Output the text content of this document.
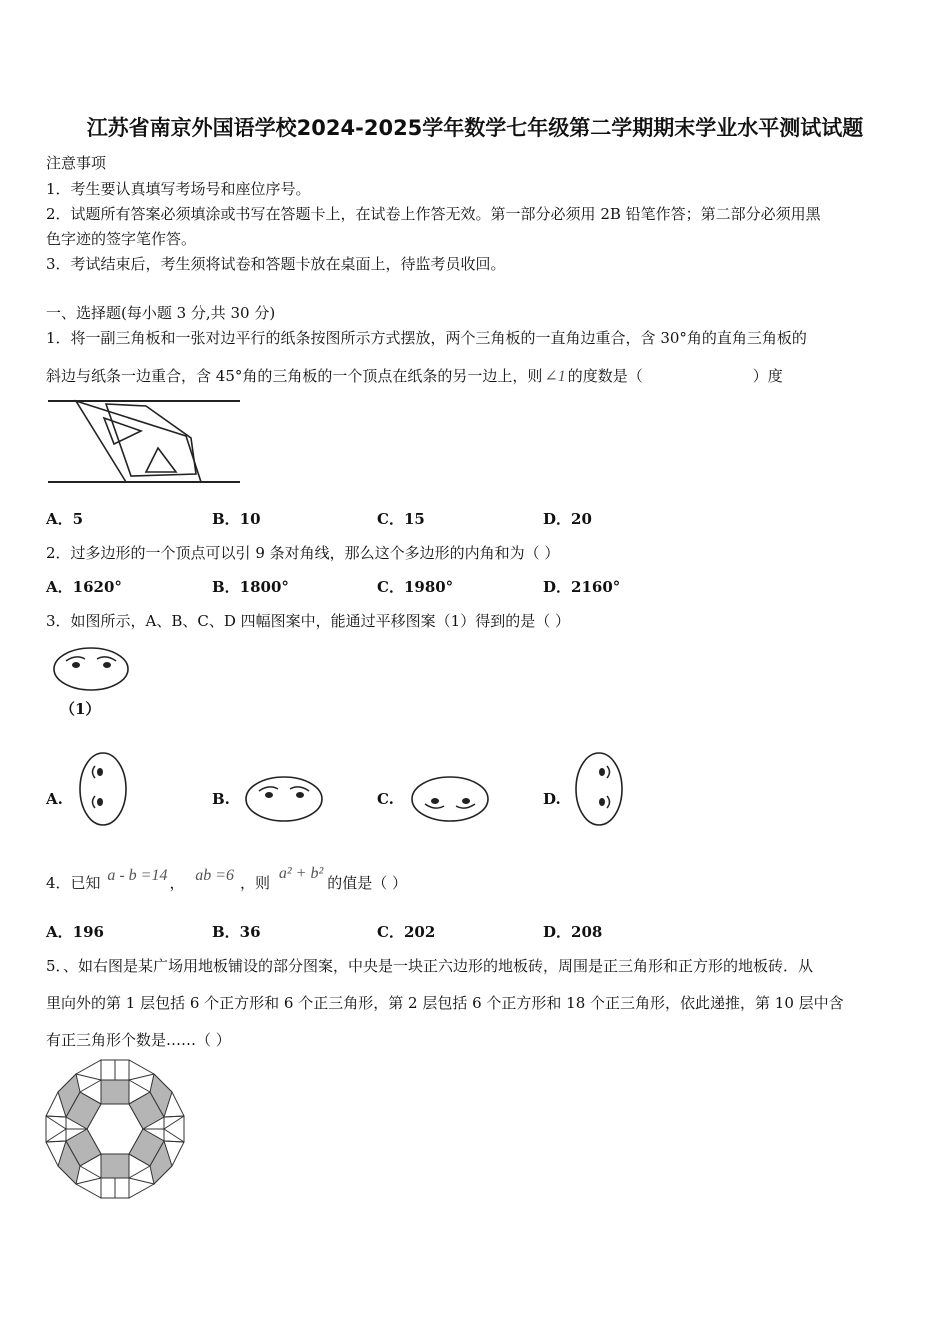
江苏省南京外国语学校2024-2025学年数学七年级第二学期期末学业水平测试试题
注意事项
1．考生要认真填写考场号和座位序号。
2．试题所有答案必须填涂或书写在答题卡上，在试卷上作答无效。第一部分必须用 2B 铅笔作答；第二部分必须用黑
色字迹的签字笔作答。
3．考试结束后，考生须将试卷和答题卡放在桌面上，待监考员收回。
一、选择题(每小题 3 分,共 30 分)
1．将一副三角板和一张对边平行的纸条按图所示方式摆放，两个三角板的一直角边重合，含 30°角的直角三角板的
斜边与纸条一边重合，含 45°角的三角板的一个顶点在纸条的另一边上，则 ∠1 的度数是（	）度
A．5	B．10	C．15	D．20
2．过多边形的一个顶点可以引 9 条对角线，那么这个多边形的内角和为（ ）
A．1620°	B．1800°	C．1980°	D．2160°
3．如图所示，A、B、C、D 四幅图案中，能通过平移图案（1）得到的是（ ）
（1）
A.	B.	C.	D.
4．已知 a - b =14 ， ab =6 ，则 a² + b²的值是（ ）
A．196	B．36	C．202	D．208
5．、如右图是某广场用地板铺设的部分图案，中央是一块正六边形的地板砖，周围是正三角形和正方形的地板砖．从
里向外的第 1 层包括 6 个正方形和 6 个正三角形，第 2 层包括 6 个正方形和 18 个正三角形，依此递推，第 10 层中含
有正三角形个数是……（ ）
